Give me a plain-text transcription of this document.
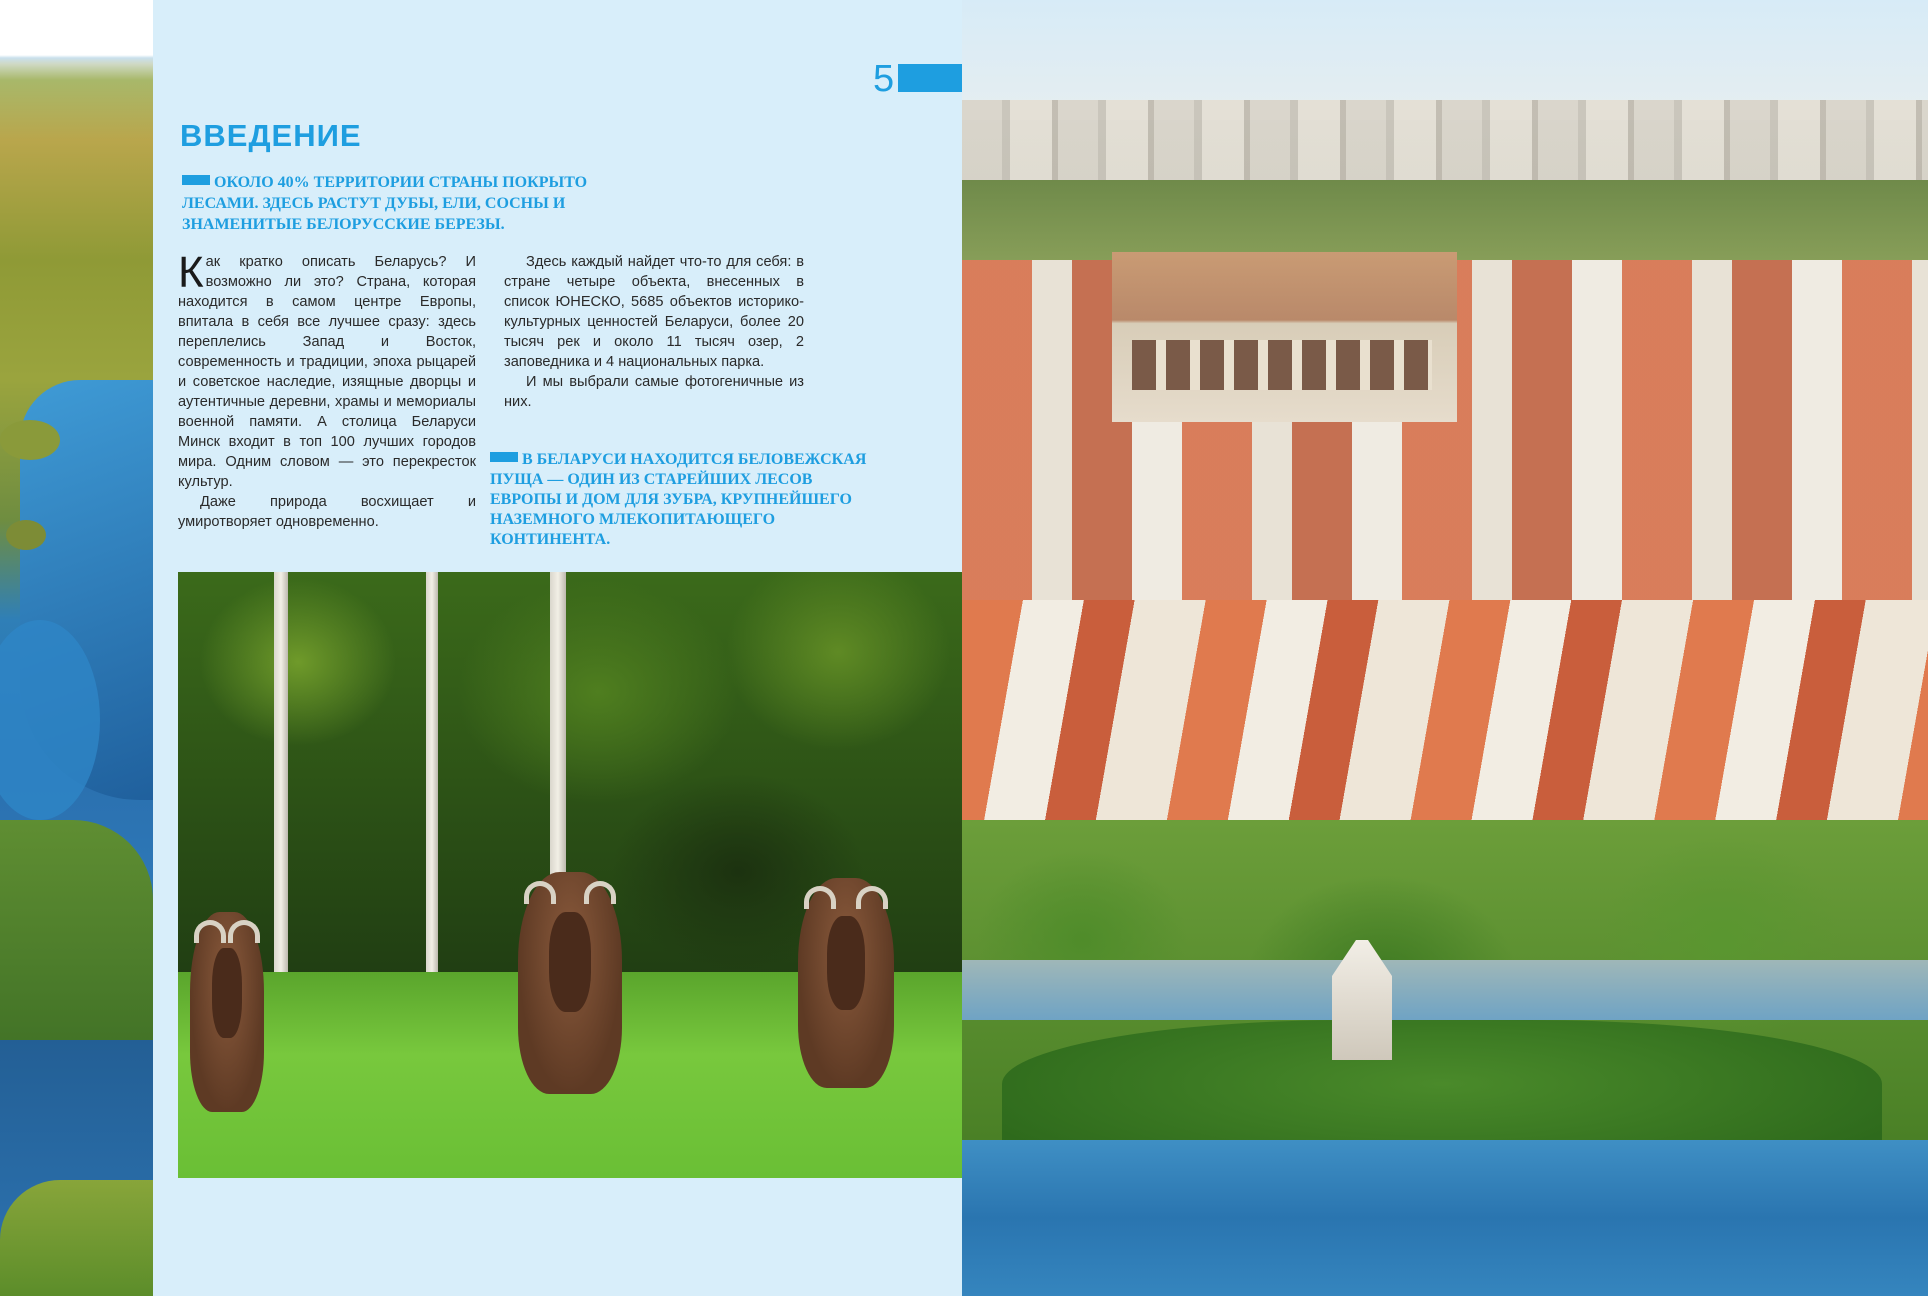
5
ВВЕДЕНИЕ
ОКОЛО 40% ТЕРРИТОРИИ СТРАНЫ ПОКРЫТО ЛЕСАМИ. ЗДЕСЬ РАСТУТ ДУБЫ, ЕЛИ, СОСНЫ И ЗНАМЕНИТЫЕ БЕЛОРУССКИЕ БЕРЕЗЫ.

Как кратко описать Беларусь? И возможно ли это? Страна, которая находится в самом центре Европы, впитала в себя все лучшее сразу: здесь переплелись Запад и Восток, современность и традиции, эпоха рыцарей и советское наследие, изящные дворцы и аутентичные деревни, храмы и мемориалы военной памяти. А столица Беларуси Минск входит в топ 100 лучших городов мира. Одним словом — это перекресток культур.

Даже природа восхищает и умиротворяет одновременно.

Здесь каждый найдет что-то для себя: в стране четыре объекта, внесенных в список ЮНЕСКО, 5685 объектов историко-культурных ценностей Беларуси, более 20 тысяч рек и около 11 тысяч озер, 2 заповедника и 4 национальных парка.

И мы выбрали самые фотогеничные из них.

В БЕЛАРУСИ НАХОДИТСЯ БЕЛОВЕЖСКАЯ ПУЩА — ОДИН ИЗ СТАРЕЙШИХ ЛЕСОВ ЕВРОПЫ И ДОМ ДЛЯ ЗУБРА, КРУПНЕЙШЕГО НАЗЕМНОГО МЛЕКОПИТАЮЩЕГО КОНТИНЕНТА.
